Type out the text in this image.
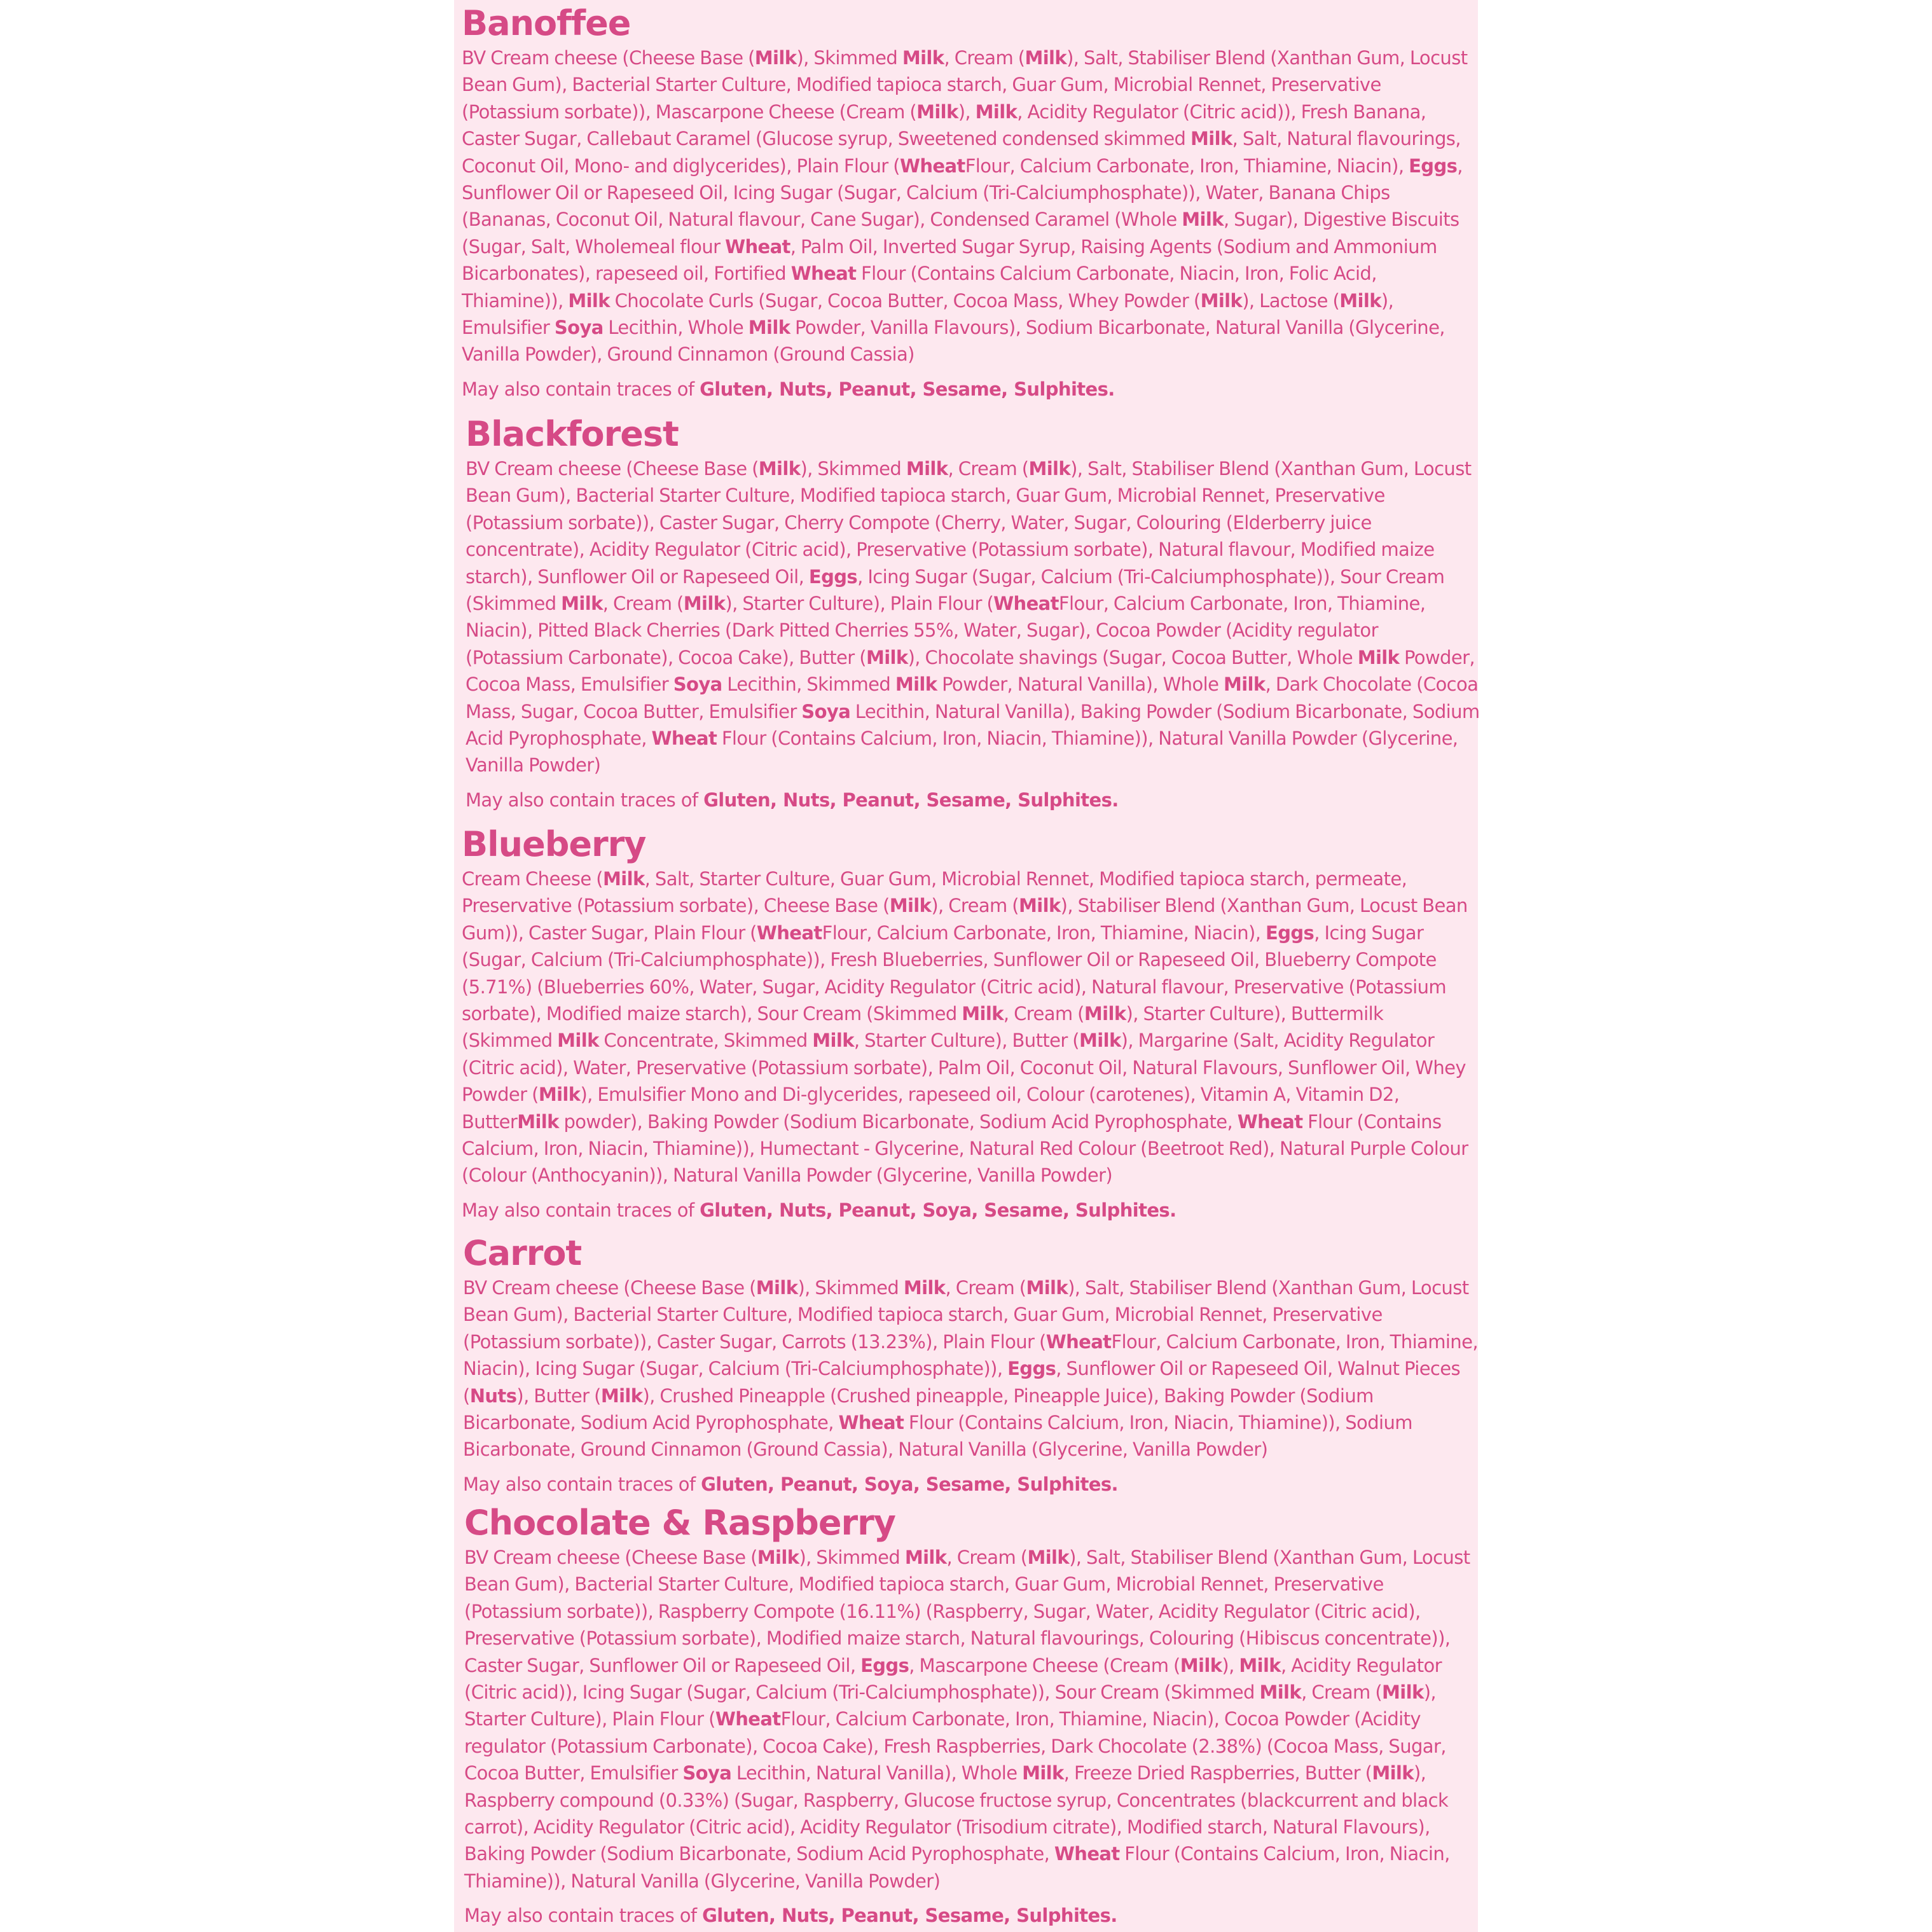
Banoffee

BV Cream cheese (Cheese Base (Milk), Skimmed Milk, Cream (Milk), Salt, Stabiliser Blend (Xanthan Gum, Locust Bean Gum), Bacterial Starter Culture, Modified tapioca starch, Guar Gum, Microbial Rennet, Preservative (Potassium sorbate)), Mascarpone Cheese (Cream (Milk), Milk, Acidity Regulator (Citric acid)), Fresh Banana, Caster Sugar, Callebaut Caramel (Glucose syrup, Sweetened condensed skimmed Milk, Salt, Natural flavourings, Coconut Oil, Mono- and diglycerides), Plain Flour (WheatFlour, Calcium Carbonate, Iron, Thiamine, Niacin), Eggs, Sunflower Oil or Rapeseed Oil, Icing Sugar (Sugar, Calcium (Tri-Calciumphosphate)), Water, Banana Chips (Bananas, Coconut Oil, Natural flavour, Cane Sugar), Condensed Caramel (Whole Milk, Sugar), Digestive Biscuits (Sugar, Salt, Wholemeal flour Wheat, Palm Oil, Inverted Sugar Syrup, Raising Agents (Sodium and Ammonium Bicarbonates), rapeseed oil, Fortified Wheat Flour (Contains Calcium Carbonate, Niacin, Iron, Folic Acid, Thiamine)), Milk Chocolate Curls (Sugar, Cocoa Butter, Cocoa Mass, Whey Powder (Milk), Lactose (Milk), Emulsifier Soya Lecithin, Whole Milk Powder, Vanilla Flavours), Sodium Bicarbonate, Natural Vanilla (Glycerine, Vanilla Powder), Ground Cinnamon (Ground Cassia)

May also contain traces of Gluten, Nuts, Peanut, Sesame, Sulphites.
Blackforest

BV Cream cheese (Cheese Base (Milk), Skimmed Milk, Cream (Milk), Salt, Stabiliser Blend (Xanthan Gum, Locust Bean Gum), Bacterial Starter Culture, Modified tapioca starch, Guar Gum, Microbial Rennet, Preservative (Potassium sorbate)), Caster Sugar, Cherry Compote (Cherry, Water, Sugar, Colouring (Elderberry juice concentrate), Acidity Regulator (Citric acid), Preservative (Potassium sorbate), Natural flavour, Modified maize starch), Sunflower Oil or Rapeseed Oil, Eggs, Icing Sugar (Sugar, Calcium (Tri-Calciumphosphate)), Sour Cream (Skimmed Milk, Cream (Milk), Starter Culture), Plain Flour (WheatFlour, Calcium Carbonate, Iron, Thiamine, Niacin), Pitted Black Cherries (Dark Pitted Cherries 55%, Water, Sugar), Cocoa Powder (Acidity regulator (Potassium Carbonate), Cocoa Cake), Butter (Milk), Chocolate shavings (Sugar, Cocoa Butter, Whole Milk Powder, Cocoa Mass, Emulsifier Soya Lecithin, Skimmed Milk Powder, Natural Vanilla), Whole Milk, Dark Chocolate (Cocoa Mass, Sugar, Cocoa Butter, Emulsifier Soya Lecithin, Natural Vanilla), Baking Powder (Sodium Bicarbonate, Sodium Acid Pyrophosphate, Wheat Flour (Contains Calcium, Iron, Niacin, Thiamine)), Natural Vanilla Powder (Glycerine, Vanilla Powder)

May also contain traces of Gluten, Nuts, Peanut, Sesame, Sulphites.
Blueberry

Cream Cheese (Milk, Salt, Starter Culture, Guar Gum, Microbial Rennet, Modified tapioca starch, permeate, Preservative (Potassium sorbate), Cheese Base (Milk), Cream (Milk), Stabiliser Blend (Xanthan Gum, Locust Bean Gum)), Caster Sugar, Plain Flour (WheatFlour, Calcium Carbonate, Iron, Thiamine, Niacin), Eggs, Icing Sugar (Sugar, Calcium (Tri-Calciumphosphate)), Fresh Blueberries, Sunflower Oil or Rapeseed Oil, Blueberry Compote (5.71%) (Blueberries 60%, Water, Sugar, Acidity Regulator (Citric acid), Natural flavour, Preservative (Potassium sorbate), Modified maize starch), Sour Cream (Skimmed Milk, Cream (Milk), Starter Culture), Buttermilk (Skimmed Milk Concentrate, Skimmed Milk, Starter Culture), Butter (Milk), Margarine (Salt, Acidity Regulator (Citric acid), Water, Preservative (Potassium sorbate), Palm Oil, Coconut Oil, Natural Flavours, Sunflower Oil, Whey Powder (Milk), Emulsifier Mono and Di-glycerides, rapeseed oil, Colour (carotenes), Vitamin A, Vitamin D2, ButterMilk powder), Baking Powder (Sodium Bicarbonate, Sodium Acid Pyrophosphate, Wheat Flour (Contains Calcium, Iron, Niacin, Thiamine)), Humectant - Glycerine, Natural Red Colour (Beetroot Red), Natural Purple Colour (Colour (Anthocyanin)), Natural Vanilla Powder (Glycerine, Vanilla Powder)

May also contain traces of Gluten, Nuts, Peanut, Soya, Sesame, Sulphites.
Carrot

BV Cream cheese (Cheese Base (Milk), Skimmed Milk, Cream (Milk), Salt, Stabiliser Blend (Xanthan Gum, Locust Bean Gum), Bacterial Starter Culture, Modified tapioca starch, Guar Gum, Microbial Rennet, Preservative (Potassium sorbate)), Caster Sugar, Carrots (13.23%), Plain Flour (WheatFlour, Calcium Carbonate, Iron, Thiamine, Niacin), Icing Sugar (Sugar, Calcium (Tri-Calciumphosphate)), Eggs, Sunflower Oil or Rapeseed Oil, Walnut Pieces (Nuts), Butter (Milk), Crushed Pineapple (Crushed pineapple, Pineapple Juice), Baking Powder (Sodium Bicarbonate, Sodium Acid Pyrophosphate, Wheat Flour (Contains Calcium, Iron, Niacin, Thiamine)), Sodium Bicarbonate, Ground Cinnamon (Ground Cassia), Natural Vanilla (Glycerine, Vanilla Powder)

May also contain traces of Gluten, Peanut, Soya, Sesame, Sulphites.
Chocolate & Raspberry

BV Cream cheese (Cheese Base (Milk), Skimmed Milk, Cream (Milk), Salt, Stabiliser Blend (Xanthan Gum, Locust Bean Gum), Bacterial Starter Culture, Modified tapioca starch, Guar Gum, Microbial Rennet, Preservative (Potassium sorbate)), Raspberry Compote (16.11%) (Raspberry, Sugar, Water, Acidity Regulator (Citric acid), Preservative (Potassium sorbate), Modified maize starch, Natural flavourings, Colouring (Hibiscus concentrate)), Caster Sugar, Sunflower Oil or Rapeseed Oil, Eggs, Mascarpone Cheese (Cream (Milk), Milk, Acidity Regulator (Citric acid)), Icing Sugar (Sugar, Calcium (Tri-Calciumphosphate)), Sour Cream (Skimmed Milk, Cream (Milk), Starter Culture), Plain Flour (WheatFlour, Calcium Carbonate, Iron, Thiamine, Niacin), Cocoa Powder (Acidity regulator (Potassium Carbonate), Cocoa Cake), Fresh Raspberries, Dark Chocolate (2.38%) (Cocoa Mass, Sugar, Cocoa Butter, Emulsifier Soya Lecithin, Natural Vanilla), Whole Milk, Freeze Dried Raspberries, Butter (Milk), Raspberry compound (0.33%) (Sugar, Raspberry, Glucose fructose syrup, Concentrates (blackcurrent and black carrot), Acidity Regulator (Citric acid), Acidity Regulator (Trisodium citrate), Modified starch, Natural Flavours), Baking Powder (Sodium Bicarbonate, Sodium Acid Pyrophosphate, Wheat Flour (Contains Calcium, Iron, Niacin, Thiamine)), Natural Vanilla (Glycerine, Vanilla Powder)

May also contain traces of Gluten, Nuts, Peanut, Sesame, Sulphites.
